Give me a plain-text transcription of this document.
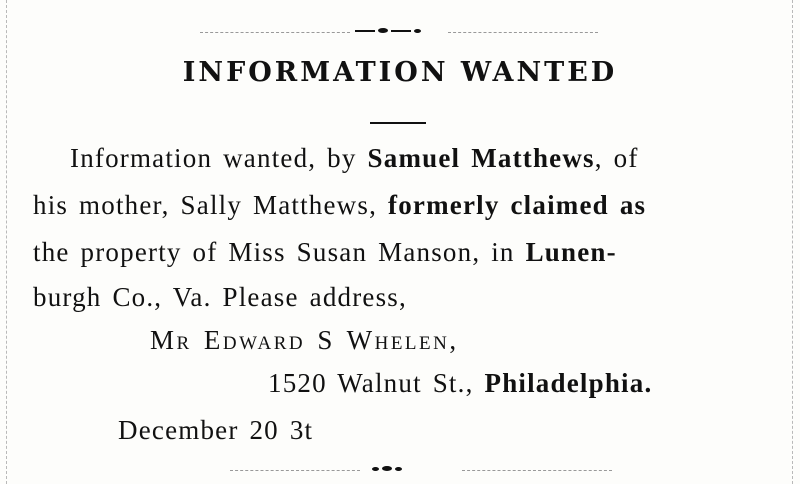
INFORMATION WANTED
Information wanted, by Samuel Matthews, of
his mother, Sally Matthews, formerly claimed as
the property of Miss Susan Manson, in Lunen-
burgh Co., Va. Please address,
Mr Edward S Whelen,
1520 Walnut St., Philadelphia.
December 20 3t
